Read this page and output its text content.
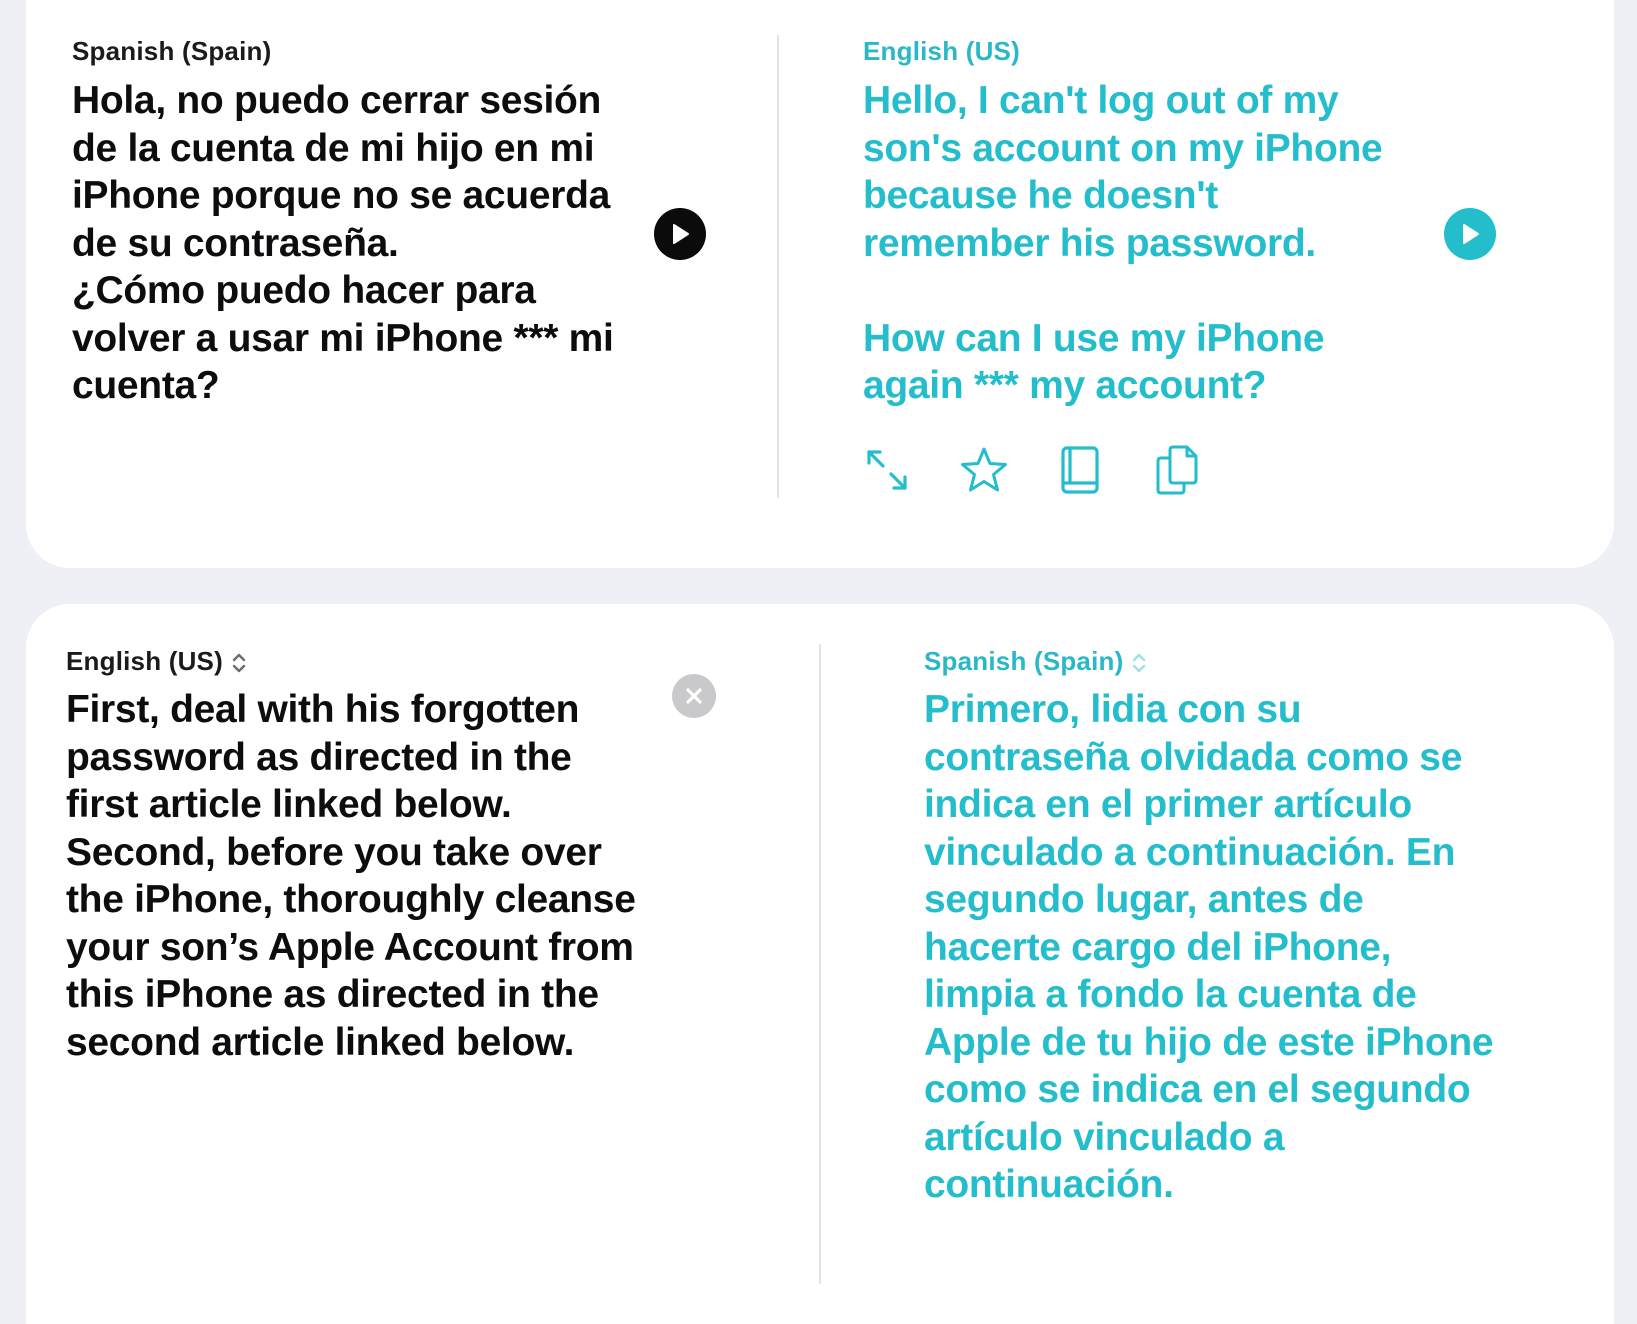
Spanish (Spain)
Hola, no puedo cerrar sesión
de la cuenta de mi hijo en mi
iPhone porque no se acuerda
de su contraseña.
¿Cómo puedo hacer para
volver a usar mi iPhone *** mi
cuenta?
English (US)
Hello, I can't log out of my
son's account on my iPhone
because he doesn't
remember his password.

How can I use my iPhone
again *** my account?
English (US)
First, deal with his forgotten
password as directed in the
first article linked below.
Second, before you take over
the iPhone, thoroughly cleanse
your son’s Apple Account from
this iPhone as directed in the
second article linked below.
Spanish (Spain)
Primero, lidia con su
contraseña olvidada como se
indica en el primer artículo
vinculado a continuación. En
segundo lugar, antes de
hacerte cargo del iPhone,
limpia a fondo la cuenta de
Apple de tu hijo de este iPhone
como se indica en el segundo
artículo vinculado a
continuación.
